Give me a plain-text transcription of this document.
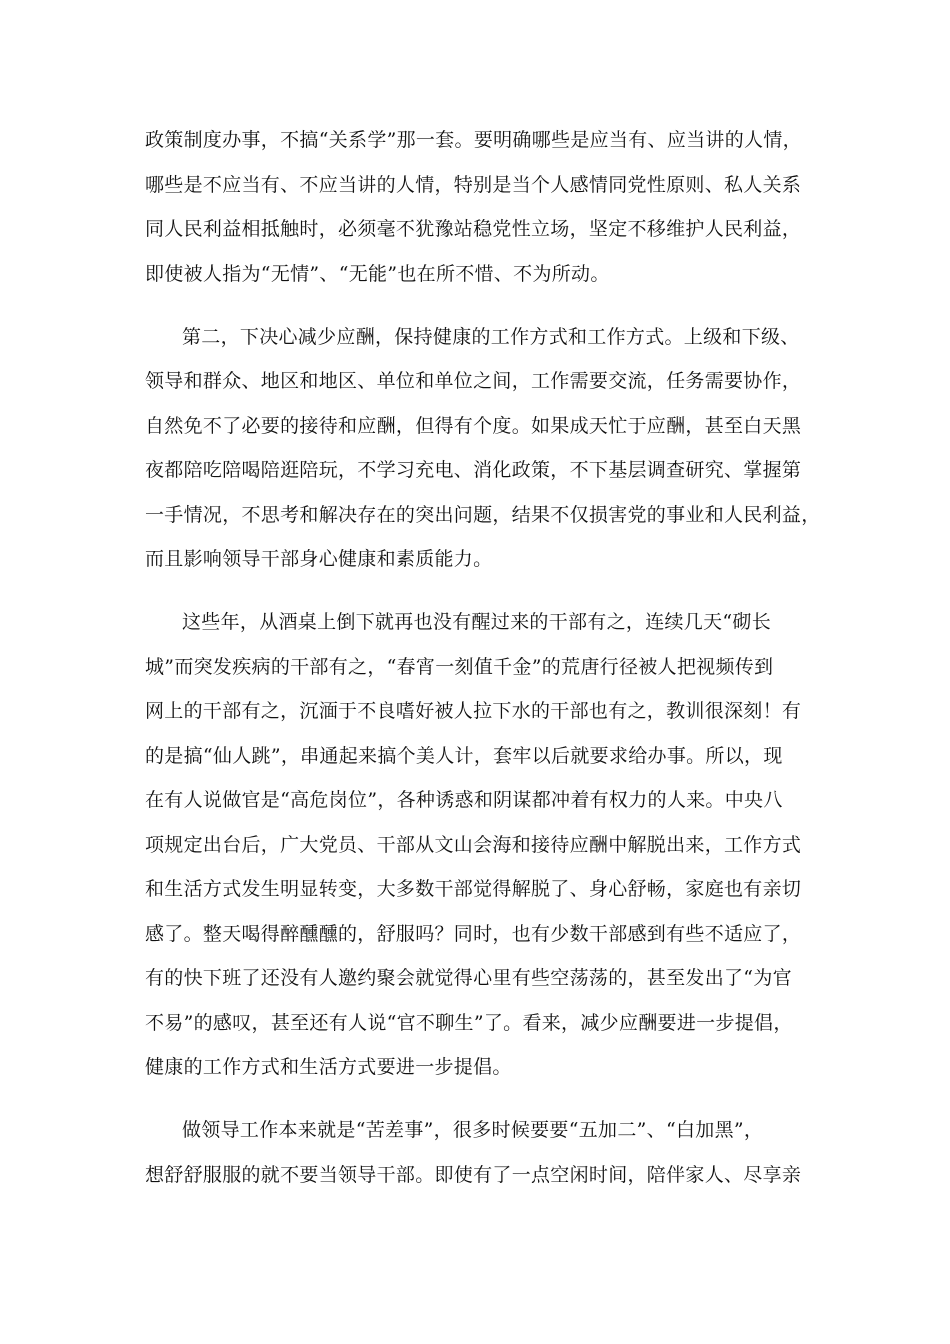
政策制度办事，不搞“关系学”那一套。要明确哪些是应当有、应当讲的人情，
哪些是不应当有、不应当讲的人情，特别是当个人感情同党性原则、私人关系
同人民利益相抵触时，必须毫不犹豫站稳党性立场，坚定不移维护人民利益，
即使被人指为“无情”、“无能”也在所不惜、不为所动。
第二，下决心减少应酬，保持健康的工作方式和工作方式。上级和下级、
领导和群众、地区和地区、单位和单位之间，工作需要交流，任务需要协作，
自然免不了必要的接待和应酬，但得有个度。如果成天忙于应酬，甚至白天黑
夜都陪吃陪喝陪逛陪玩，不学习充电、消化政策，不下基层调查研究、掌握第
一手情况，不思考和解决存在的突出问题，结果不仅损害党的事业和人民利益，
而且影响领导干部身心健康和素质能力。
这些年，从酒桌上倒下就再也没有醒过来的干部有之，连续几天“砌长
城”而突发疾病的干部有之，“春宵一刻值千金”的荒唐行径被人把视频传到
网上的干部有之，沉湎于不良嗜好被人拉下水的干部也有之，教训很深刻！有
的是搞“仙人跳”，串通起来搞个美人计，套牢以后就要求给办事。所以，现
在有人说做官是“高危岗位”，各种诱惑和阴谋都冲着有权力的人来。中央八
项规定出台后，广大党员、干部从文山会海和接待应酬中解脱出来，工作方式
和生活方式发生明显转变，大多数干部觉得解脱了、身心舒畅，家庭也有亲切
感了。整天喝得醉醺醺的，舒服吗？同时，也有少数干部感到有些不适应了，
有的快下班了还没有人邀约聚会就觉得心里有些空荡荡的，甚至发出了“为官
不易”的感叹，甚至还有人说“官不聊生”了。看来，减少应酬要进一步提倡，
健康的工作方式和生活方式要进一步提倡。
做领导工作本来就是“苦差事”，很多时候要要“五加二”、“白加黑”，
想舒舒服服的就不要当领导干部。即使有了一点空闲时间，陪伴家人、尽享亲
